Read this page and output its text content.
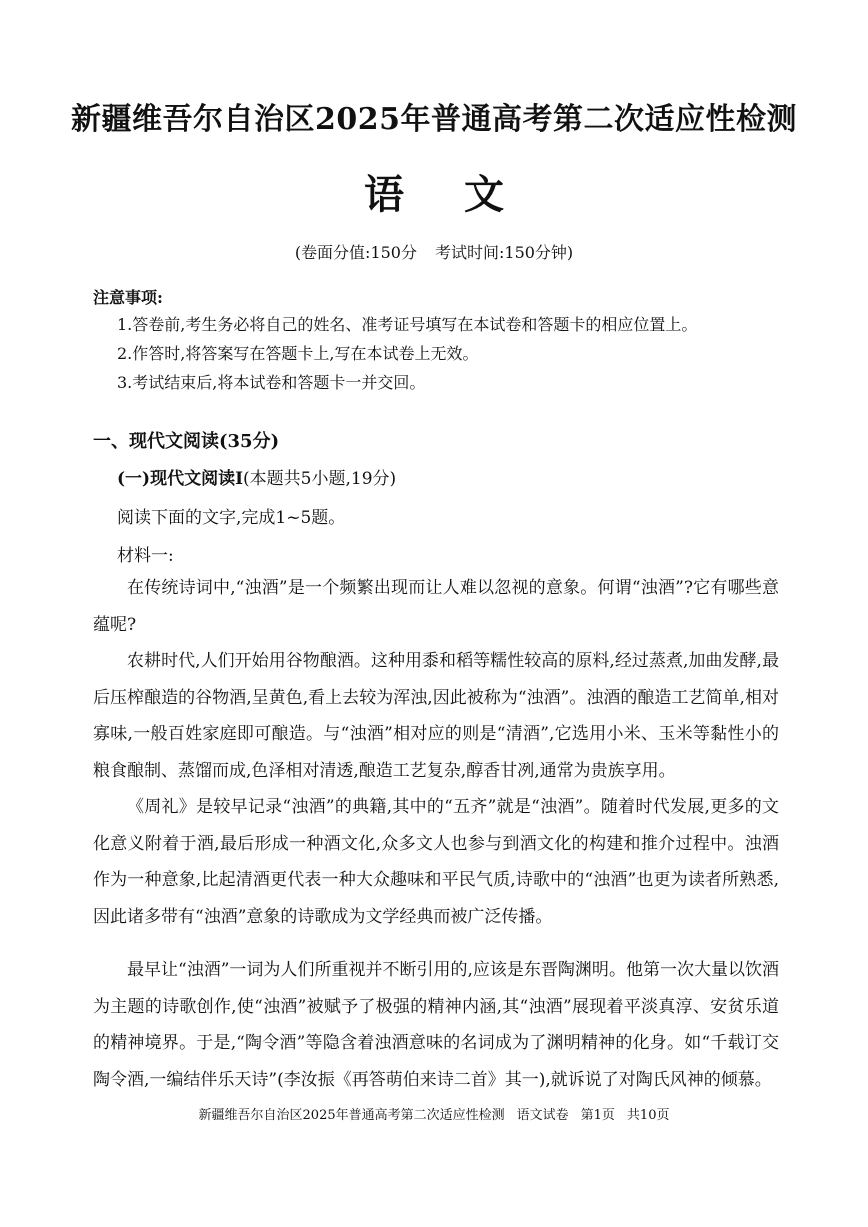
新疆维吾尔自治区2025年普通高考第二次适应性检测
语 文
(卷面分值:150分 考试时间:150分钟)
注意事项:
1.答卷前,考生务必将自己的姓名、准考证号填写在本试卷和答题卡的相应位置上。
2.作答时,将答案写在答题卡上,写在本试卷上无效。
3.考试结束后,将本试卷和答题卡一并交回。
一、现代文阅读(35分)
(一)现代文阅读Ⅰ(本题共5小题,19分)
阅读下面的文字,完成1~5题。
材料一:
在传统诗词中,“浊酒”是一个频繁出现而让人难以忽视的意象。何谓“浊酒”?它有哪些意蕴呢?
农耕时代,人们开始用谷物酿酒。这种用黍和稻等糯性较高的原料,经过蒸煮,加曲发酵,最后压榨酿造的谷物酒,呈黄色,看上去较为浑浊,因此被称为“浊酒”。浊酒的酿造工艺简单,相对寡味,一般百姓家庭即可酿造。与“浊酒”相对应的则是“清酒”,它选用小米、玉米等黏性小的粮食酿制、蒸馏而成,色泽相对清透,酿造工艺复杂,醇香甘冽,通常为贵族享用。
《周礼》是较早记录“浊酒”的典籍,其中的“五齐”就是“浊酒”。随着时代发展,更多的文化意义附着于酒,最后形成一种酒文化,众多文人也参与到酒文化的构建和推介过程中。浊酒作为一种意象,比起清酒更代表一种大众趣味和平民气质,诗歌中的“浊酒”也更为读者所熟悉,因此诸多带有“浊酒”意象的诗歌成为文学经典而被广泛传播。
最早让“浊酒”一词为人们所重视并不断引用的,应该是东晋陶渊明。他第一次大量以饮酒为主题的诗歌创作,使“浊酒”被赋予了极强的精神内涵,其“浊酒”展现着平淡真淳、安贫乐道的精神境界。于是,“陶令酒”等隐含着浊酒意味的名词成为了渊明精神的化身。如“千载订交陶令酒,一编结伴乐天诗”(李汝振《再答萌伯来诗二首》其一),就诉说了对陶氏风神的倾慕。
新疆维吾尔自治区2025年普通高考第二次适应性检测 语文试卷 第1页 共10页
